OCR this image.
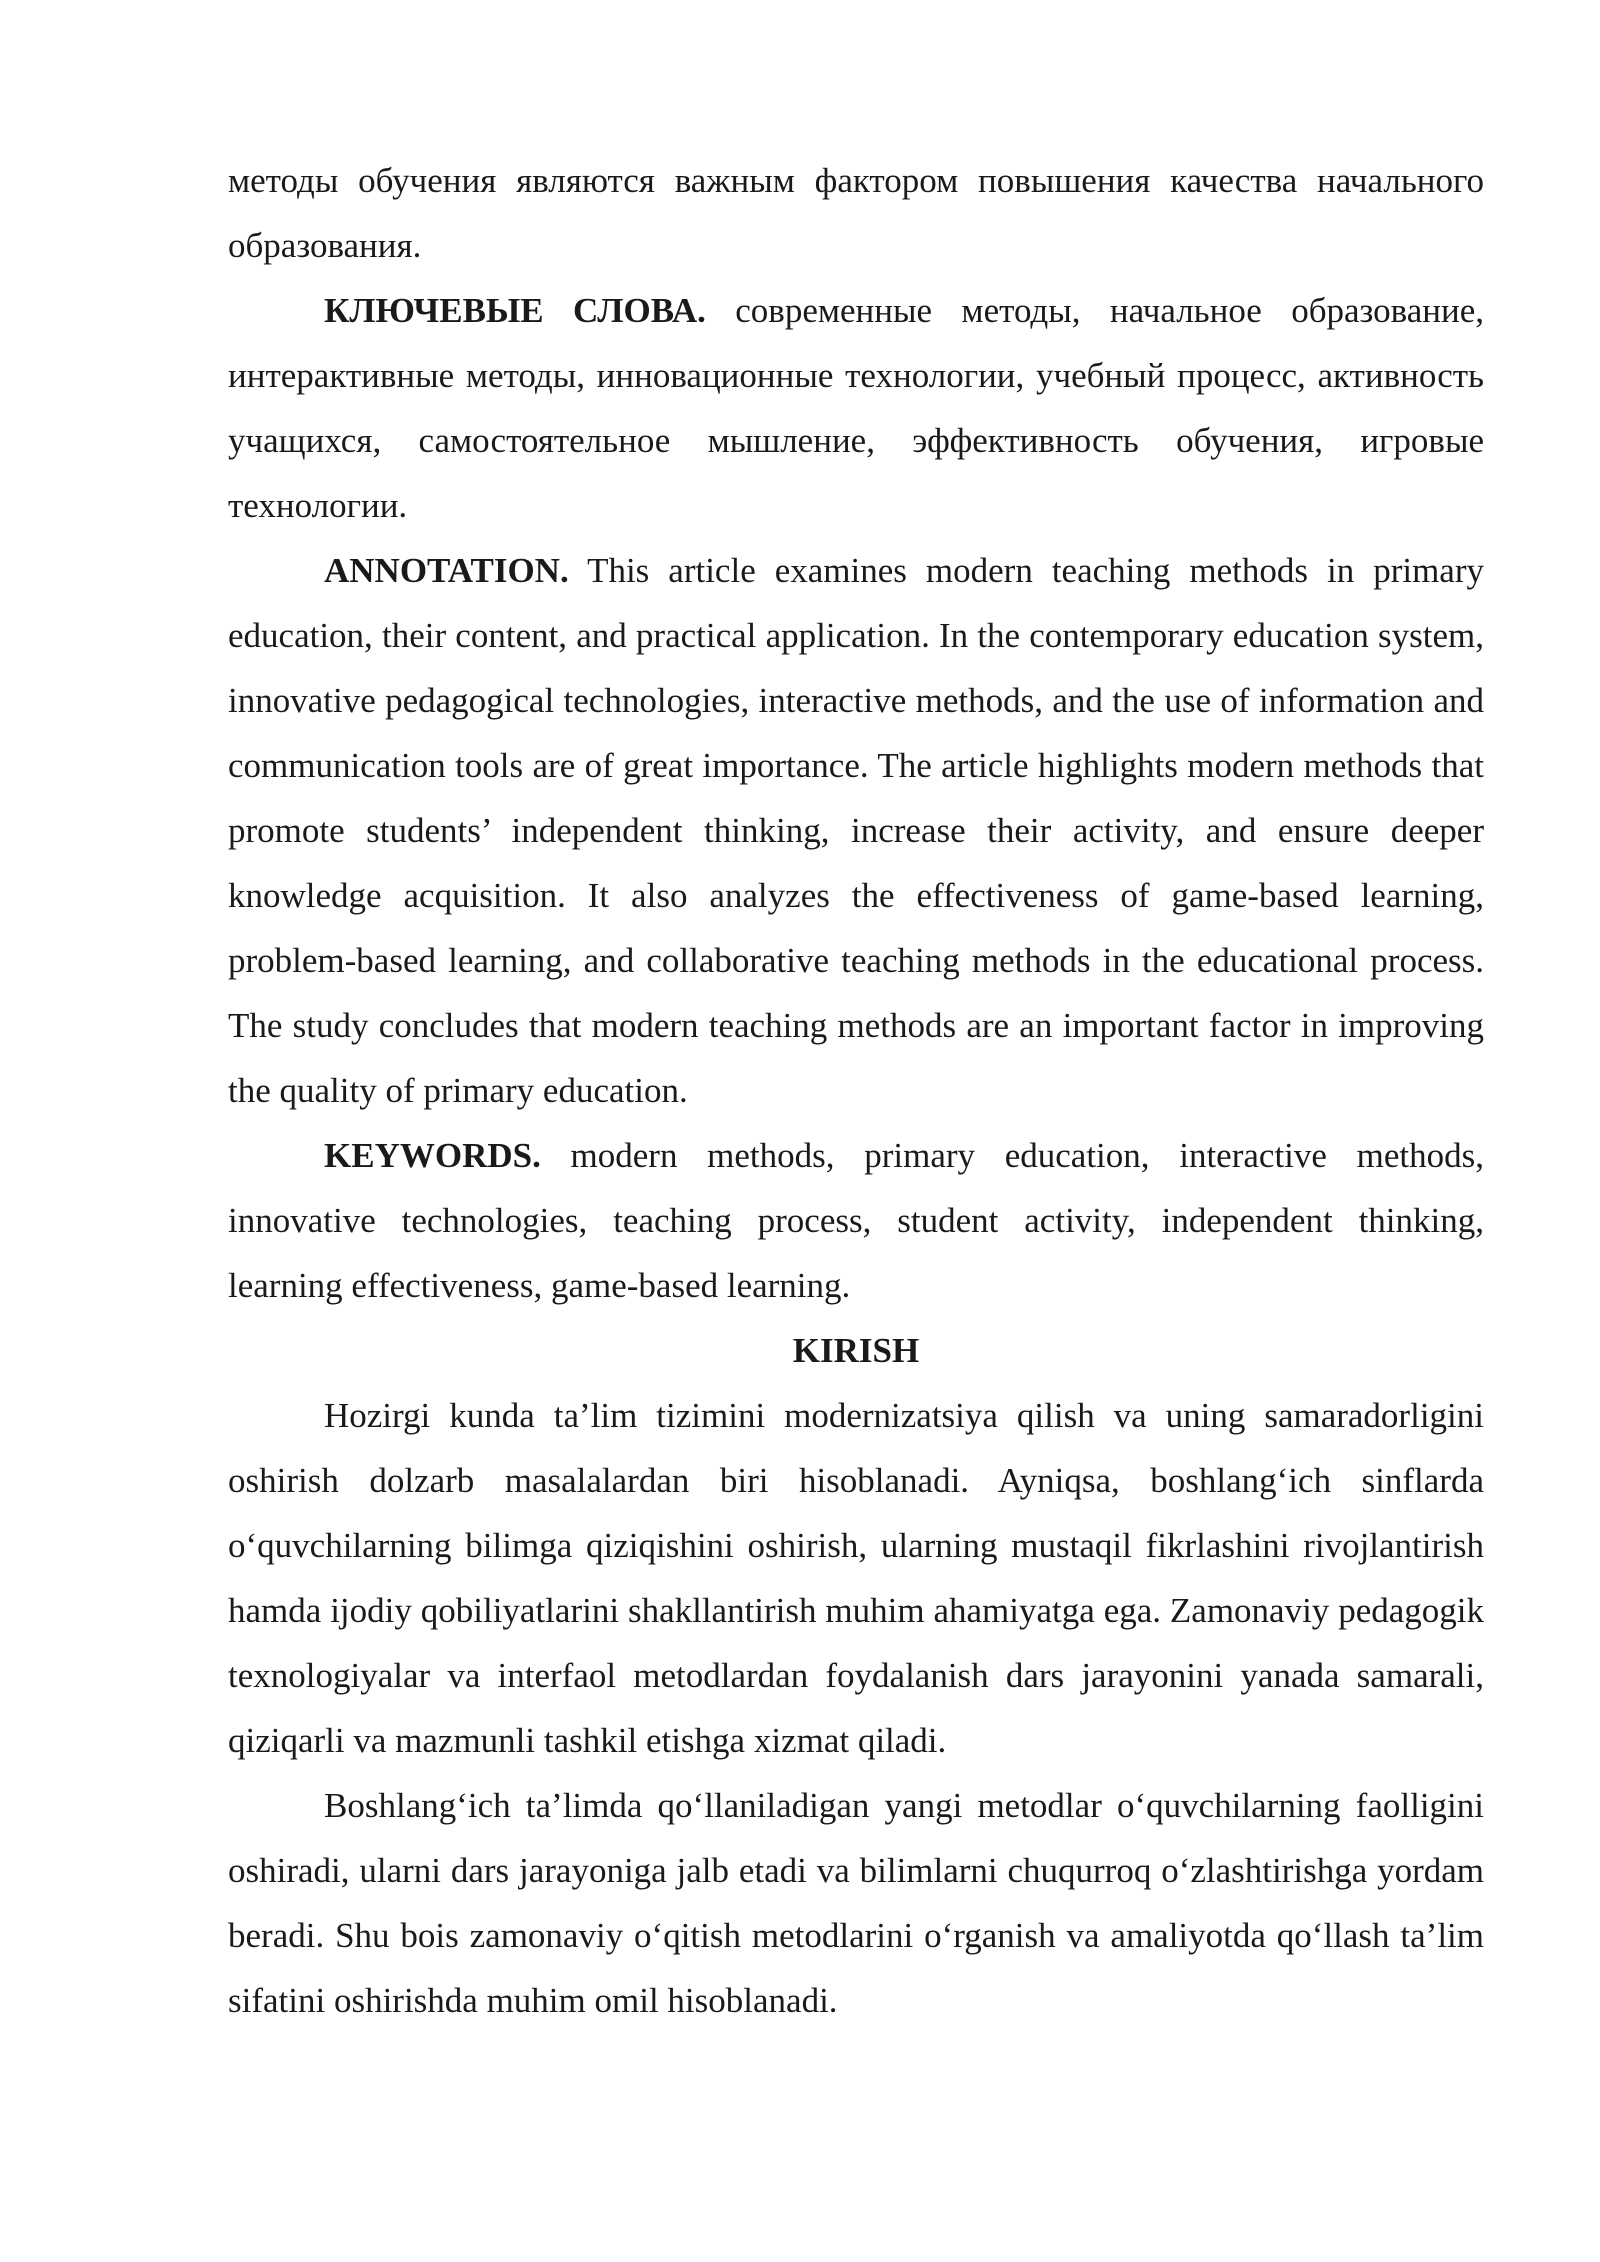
методы обучения являются важным фактором повышения качества начального образования.

КЛЮЧЕВЫЕ СЛОВА. современные методы, начальное образование, интерактивные методы, инновационные технологии, учебный процесс, активность учащихся, самостоятельное мышление, эффективность обучения, игровые технологии.

ANNOTATION. This article examines modern teaching methods in primary education, their content, and practical application. In the contemporary education system, innovative pedagogical technologies, interactive methods, and the use of information and communication tools are of great importance. The article highlights modern methods that promote students’ independent thinking, increase their activity, and ensure deeper knowledge acquisition. It also analyzes the effectiveness of game-based learning, problem-based learning, and collaborative teaching methods in the educational process. The study concludes that modern teaching methods are an important factor in improving the quality of primary education.

KEYWORDS. modern methods, primary education, interactive methods, innovative technologies, teaching process, student activity, independent thinking, learning effectiveness, game-based learning.

KIRISH

Hozirgi kunda ta’lim tizimini modernizatsiya qilish va uning samaradorligini oshirish dolzarb masalalardan biri hisoblanadi. Ayniqsa, boshlang‘ich sinflarda o‘quvchilarning bilimga qiziqishini oshirish, ularning mustaqil fikrlashini rivojlantirish hamda ijodiy qobiliyatlarini shakllantirish muhim ahamiyatga ega. Zamonaviy pedagogik texnologiyalar va interfaol metodlardan foydalanish dars jarayonini yanada samarali, qiziqarli va mazmunli tashkil etishga xizmat qiladi.

Boshlang‘ich ta’limda qo‘llaniladigan yangi metodlar o‘quvchilarning faolligini oshiradi, ularni dars jarayoniga jalb etadi va bilimlarni chuqurroq o‘zlashtirishga yordam beradi. Shu bois zamonaviy o‘qitish metodlarini o‘rganish va amaliyotda qo‘llash ta’lim sifatini oshirishda muhim omil hisoblanadi.
